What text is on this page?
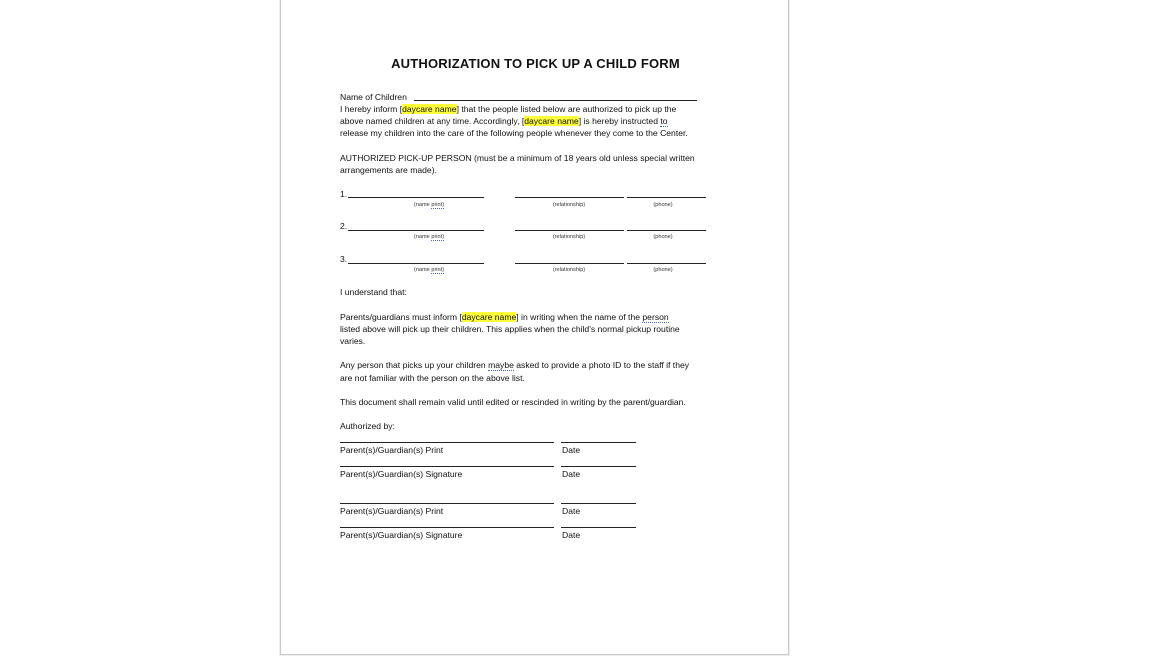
AUTHORIZATION TO PICK UP A CHILD FORM
Name of Children
I hereby inform [daycare name] that the people listed below are authorized to pick up the
above named children at any time. Accordingly, [daycare name] is hereby instructed to
release my children into the care of the following people whenever they come to the Center.
AUTHORIZED PICK-UP PERSON (must be a minimum of 18 years old unless special written
arrangements are made).
1.
(name print)	(relationship)	(phone)
2.
(name print)	(relationship)	(phone)
3.
(name print)	(relationship)	(phone)
I understand that:
Parents/guardians must inform [daycare name] in writing when the name of the person
listed above will pick up their children. This applies when the child's normal pickup routine
varies.
Any person that picks up your children maybe asked to provide a photo ID to the staff if they
are not familiar with the person on the above list.
This document shall remain valid until edited or rescinded in writing by the parent/guardian.
Authorized by:
Parent(s)/Guardian(s) Print	Date
Parent(s)/Guardian(s) Signature	Date
Parent(s)/Guardian(s) Print	Date
Parent(s)/Guardian(s) Signature	Date
